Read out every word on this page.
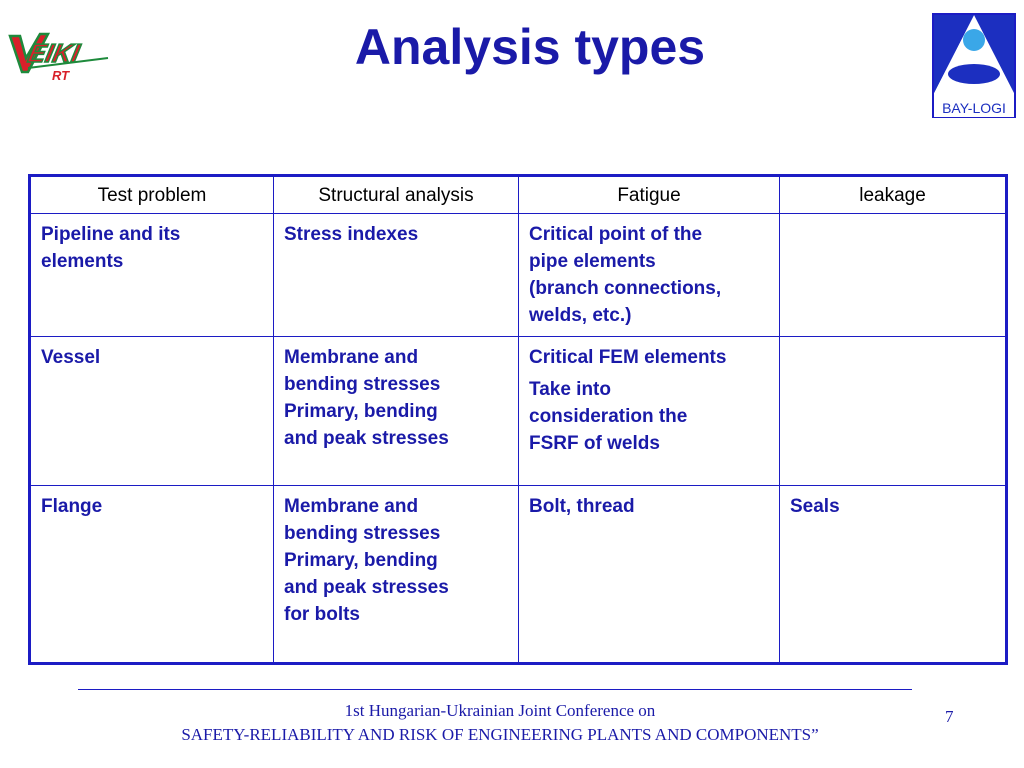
EIKI
RT
Analysis types
BAY-LOGI
Test problem	Structural analysis	Fatigue	leakage

Pipeline and its
elements	Stress indexes	Critical point of the
pipe elements
(branch connections,
welds, etc.)	

Vessel	Membrane and
bending stresses
Primary, bending
and peak stresses	Critical FEM elements
Take into
consideration the
FSRF of welds	

Flange	Membrane and
bending stresses
Primary, bending
and peak stresses
for bolts	Bolt, thread	Seals
1st Hungarian-Ukrainian Joint Conference on
SAFETY-RELIABILITY AND RISK OF ENGINEERING PLANTS AND COMPONENTS”
7
